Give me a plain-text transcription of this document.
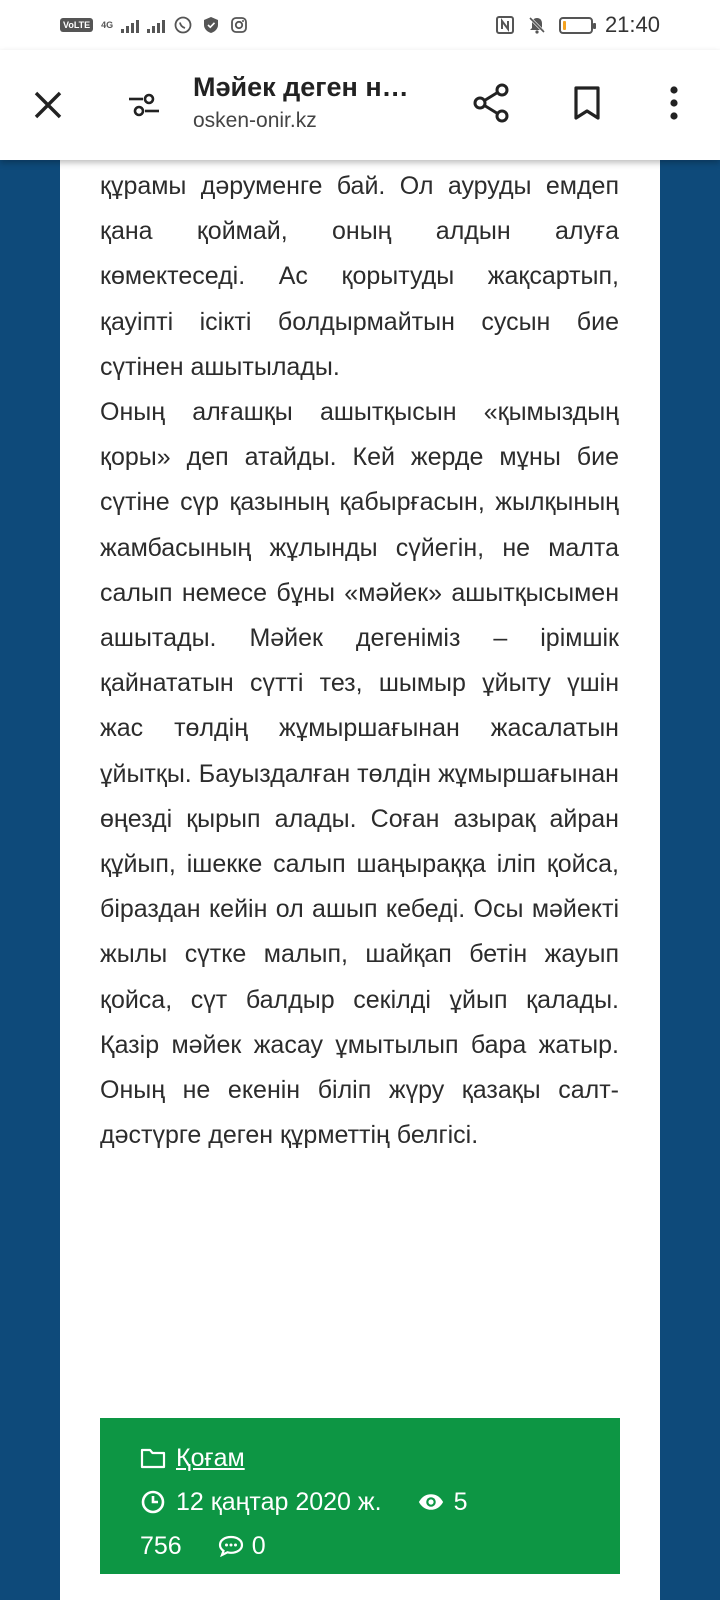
VoLTE	4G	21:40
Мәйек деген н…
osken-onir.kz

құрамы дәруменге бай. Ол ауруды емдеп қана қоймай, оның алдын алуға көмектеседі. Ас қорытуды жақсартып, қауіпті ісікті болдырмайтын сусын бие сүтінен ашытылады.

Оның алғашқы ашытқысын «қымыздың қоры» деп атайды. Кей жерде мұны бие сүтіне сүр қазының қабырғасын, жылқының жамбасының жұлынды сүйегін, не малта салып немесе бұны «мәйек» ашытқысымен ашытады. Мәйек дегеніміз – ірімшік қайнататын сүтті тез, шымыр ұйыту үшін жас төлдің жұмыршағынан жасалатын ұйытқы. Бауыздалған төлдін жұмыршағынан өңезді қырып алады. Соған азырақ айран құйып, ішекке салып шаңыраққа іліп қойса, біраздан кейін ол ашып кебеді. Осы мәйекті жылы сүтке малып, шайқап бетін жауып қойса, сүт балдыр секілді ұйып қалады. Қазір мәйек жасау ұмытылып бара жатыр. Оның не екенін біліп жүру қазақы салт-дәстүрге деген құрметтің белгісі.

Қоғам
12 қаңтар 2020 ж.	5
756	0
